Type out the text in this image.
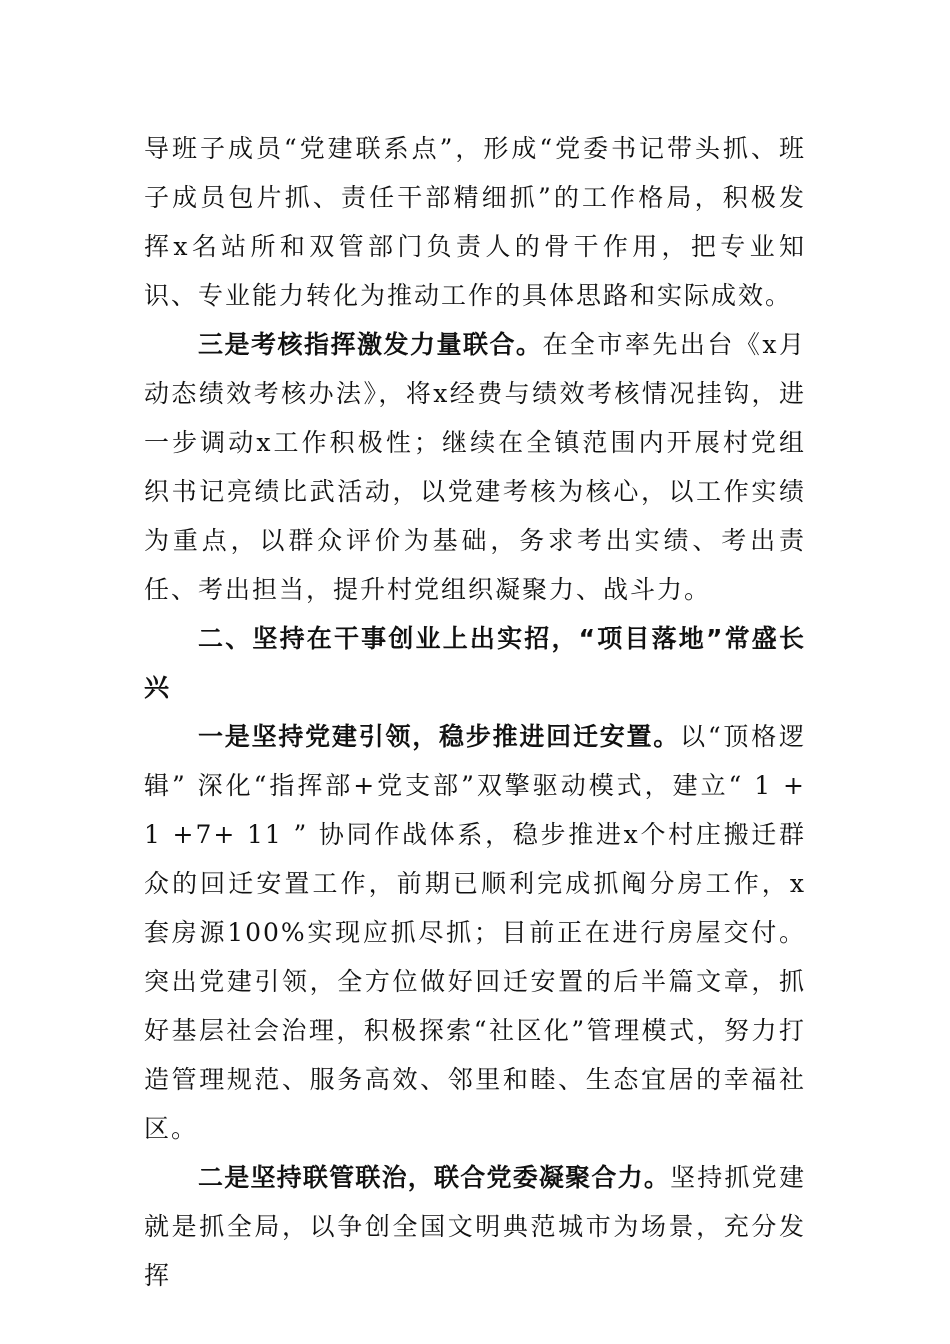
导班子成员“党建联系点”，形成“党委书记带头抓、班子成员包片抓、责任干部精细抓”的工作格局，积极发挥x名站所和双管部门负责人的骨干作用，把专业知识、专业能力转化为推动工作的具体思路和实际成效。

三是考核指挥激发力量联合。在全市率先出台《x月动态绩效考核办法》，将x经费与绩效考核情况挂钩，进一步调动x工作积极性；继续在全镇范围内开展村党组织书记亮绩比武活动，以党建考核为核心，以工作实绩为重点，以群众评价为基础，务求考出实绩、考出责任、考出担当，提升村党组织凝聚力、战斗力。

二、坚持在干事创业上出实招，“项目落地”常盛长兴

一是坚持党建引领，稳步推进回迁安置。以“顶格逻辑” 深化“指挥部+党支部”双擎驱动模式，建立“ 1 + 1 +7+ 11 ” 协同作战体系，稳步推进x个村庄搬迁群众的回迁安置工作，前期已顺利完成抓阄分房工作，x套房源100%实现应抓尽抓；目前正在进行房屋交付。突出党建引领，全方位做好回迁安置的后半篇文章，抓好基层社会治理，积极探索“社区化”管理模式，努力打造管理规范、服务高效、邻里和睦、生态宜居的幸福社区。

二是坚持联管联治，联合党委凝聚合力。坚持抓党建就是抓全局，以争创全国文明典范城市为场景，充分发挥
